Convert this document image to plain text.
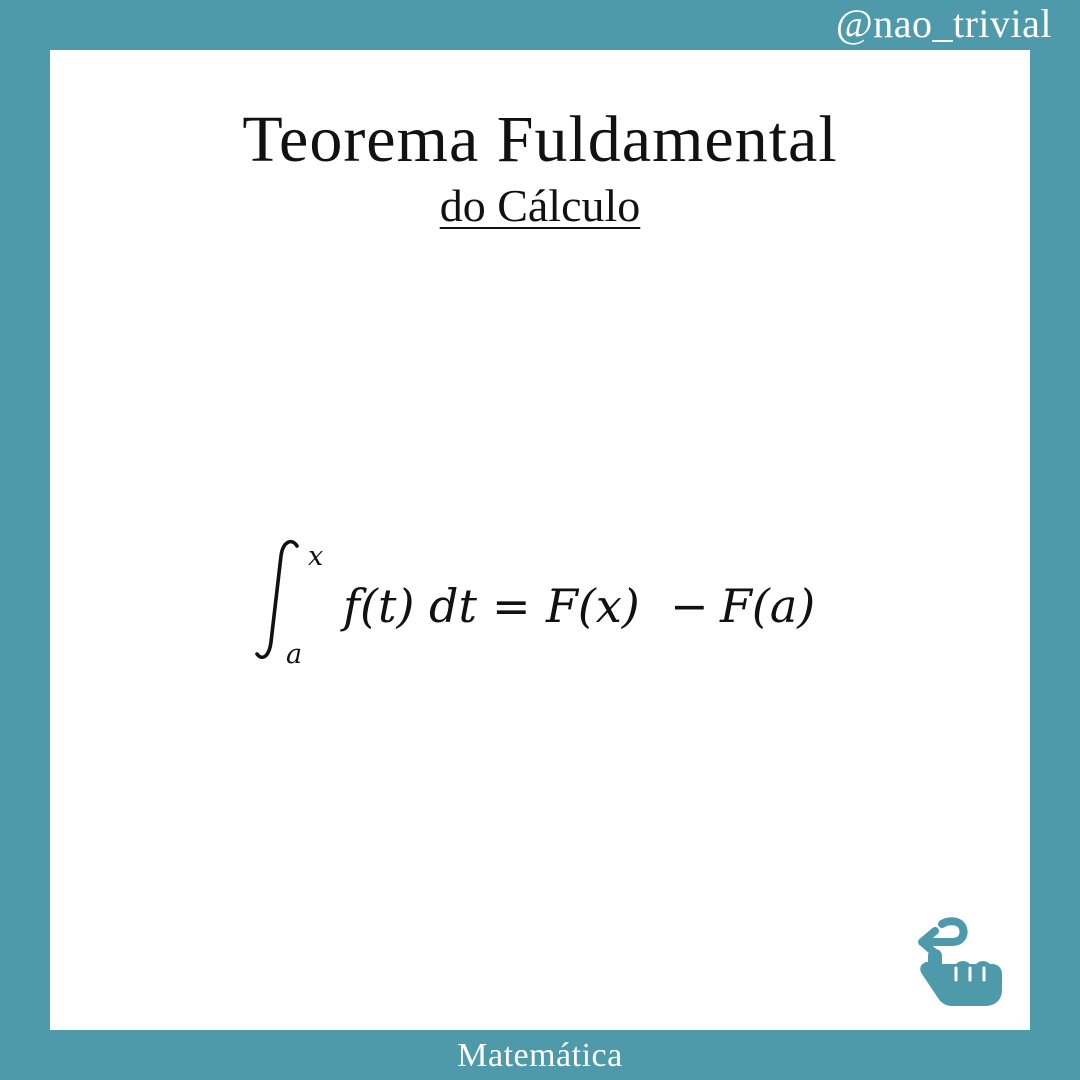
@nao_trivial
Teorema Fuldamental
do Cálculo
x
a
f(t) dt = F(x) − F(a)
Matemática
